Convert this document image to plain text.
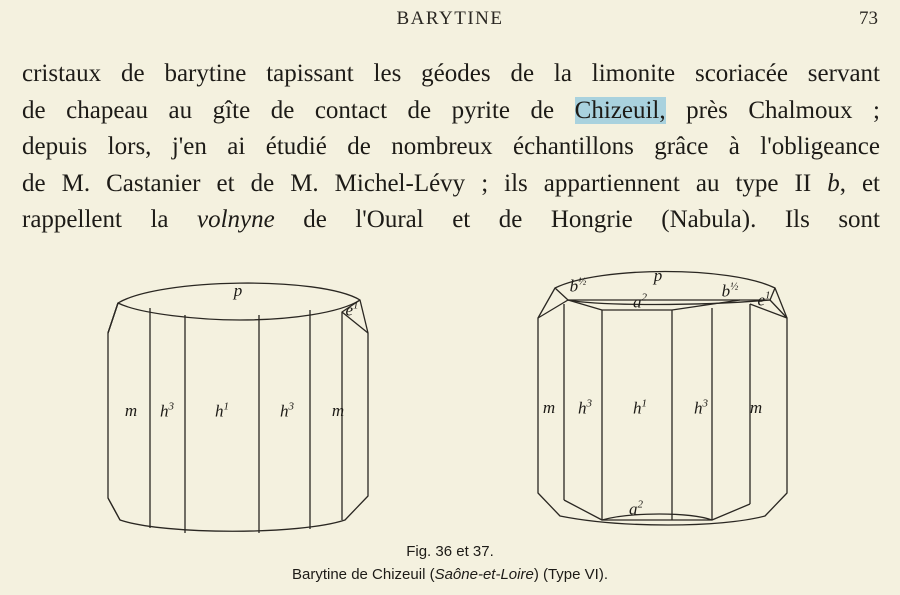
BARYTINE	73
cristaux de barytine tapissant les géodes de la limonite scoriacée servant
de chapeau au gîte de contact de pyrite de Chizeuil, près Chalmoux ;
depuis lors, j'en ai étudié de nombreux échantillons grâce à l'obligeance
de M. Castanier et de M. Michel-Lévy ; ils appartiennent au type II b, et
rappellent la volnyne de l'Oural et de Hongrie (Nabula). Ils sont
p
$e^1$
m $h^3$ $h^1$	$h^3$ m
p
$b^{\frac{1}{2}}$	$b^{\frac{1}{2}}$
$a^2$	$e^1$
m $h^3$ $h^1$	$h^3$ m
$a^2$
Fig. 36 et 37.
Barytine de Chizeuil (Saône-et-Loire) (Type VI).
